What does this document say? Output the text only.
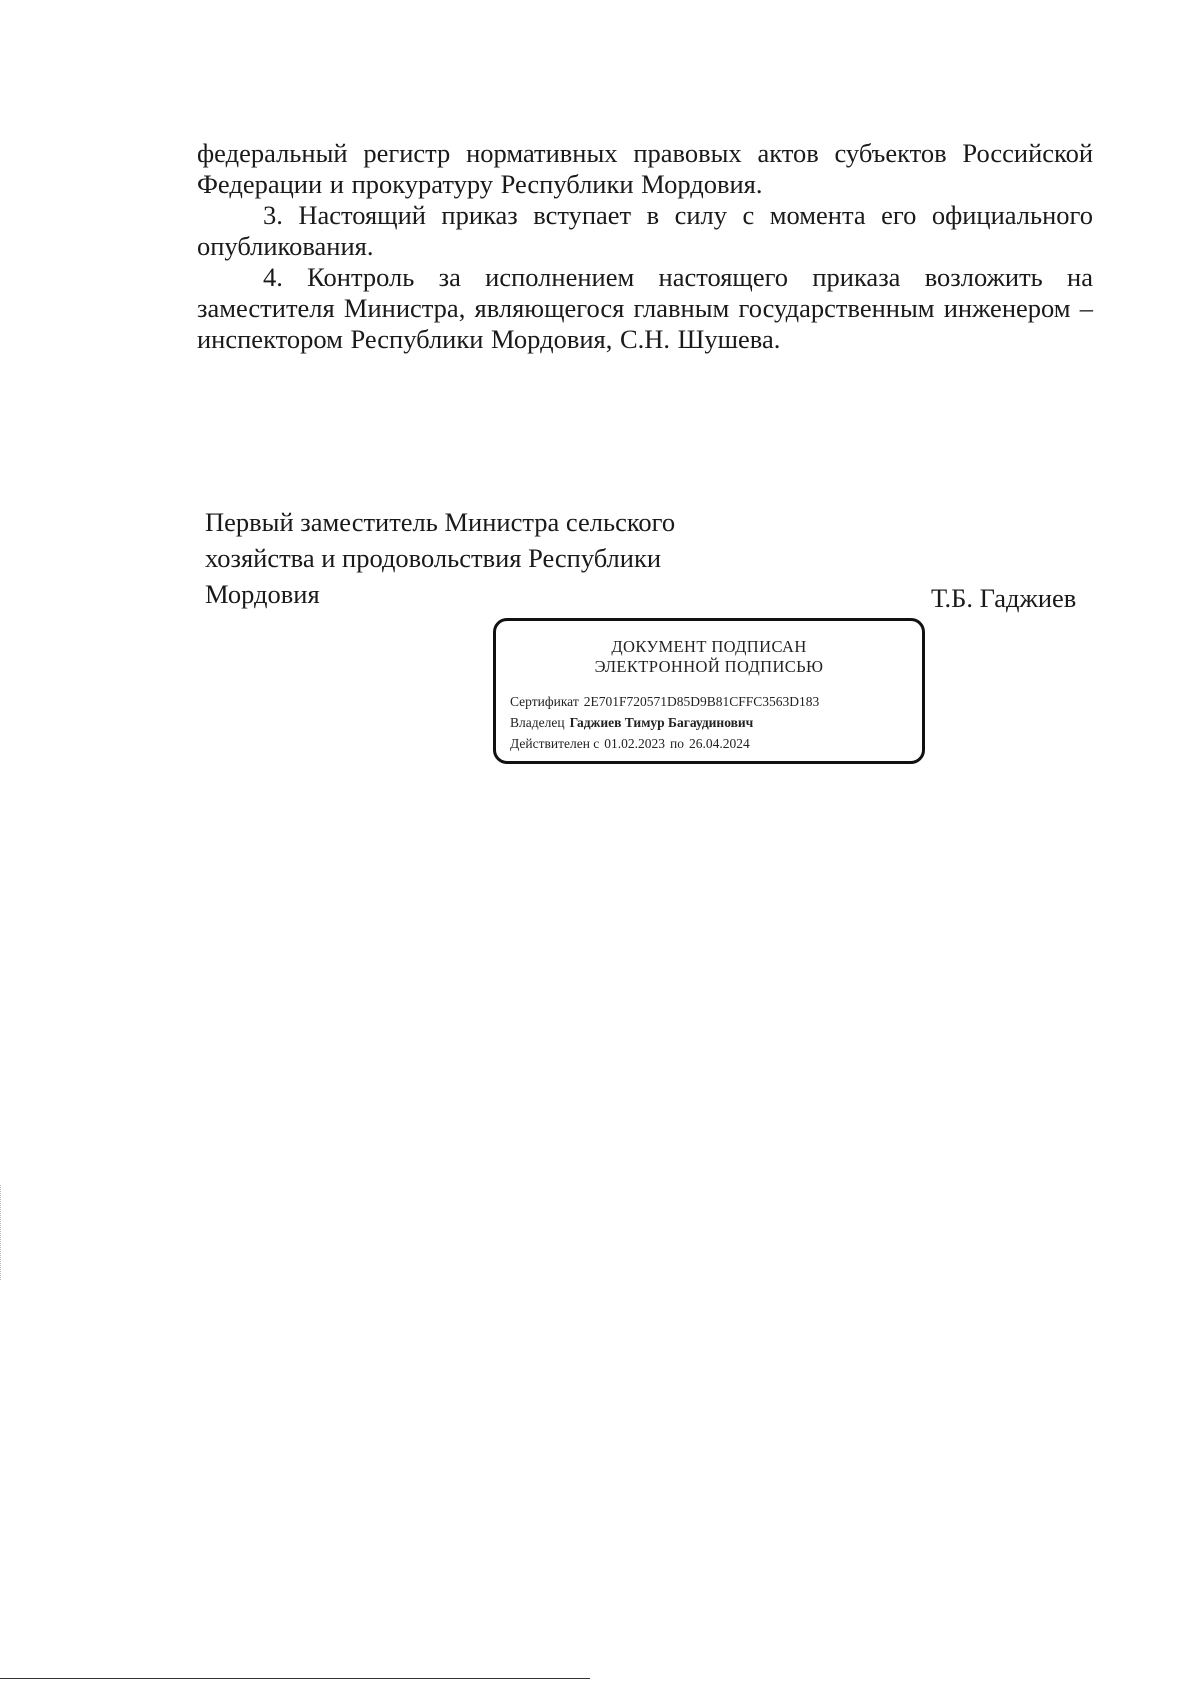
федеральный регистр нормативных правовых актов субъектов Российской Федерации и прокуратуру Республики Мордовия.

3. Настоящий приказ вступает в силу с момента его официального опубликования.

4. Контроль за исполнением настоящего приказа возложить на заместителя Министра, являющегося главным государственным инженером – инспектором Республики Мордовия, С.Н. Шушева.

Первый заместитель Министра сельского
хозяйства и продовольствия Республики
Мордовия	Т.Б. Гаджиев
ДОКУМЕНТ ПОДПИСАН
ЭЛЕКТРОННОЙ ПОДПИСЬЮ
Сертификат 2E701F720571D85D9B81CFFC3563D183
Владелец Гаджиев Тимур Багаудинович
Действителен с 01.02.2023 по 26.04.2024
